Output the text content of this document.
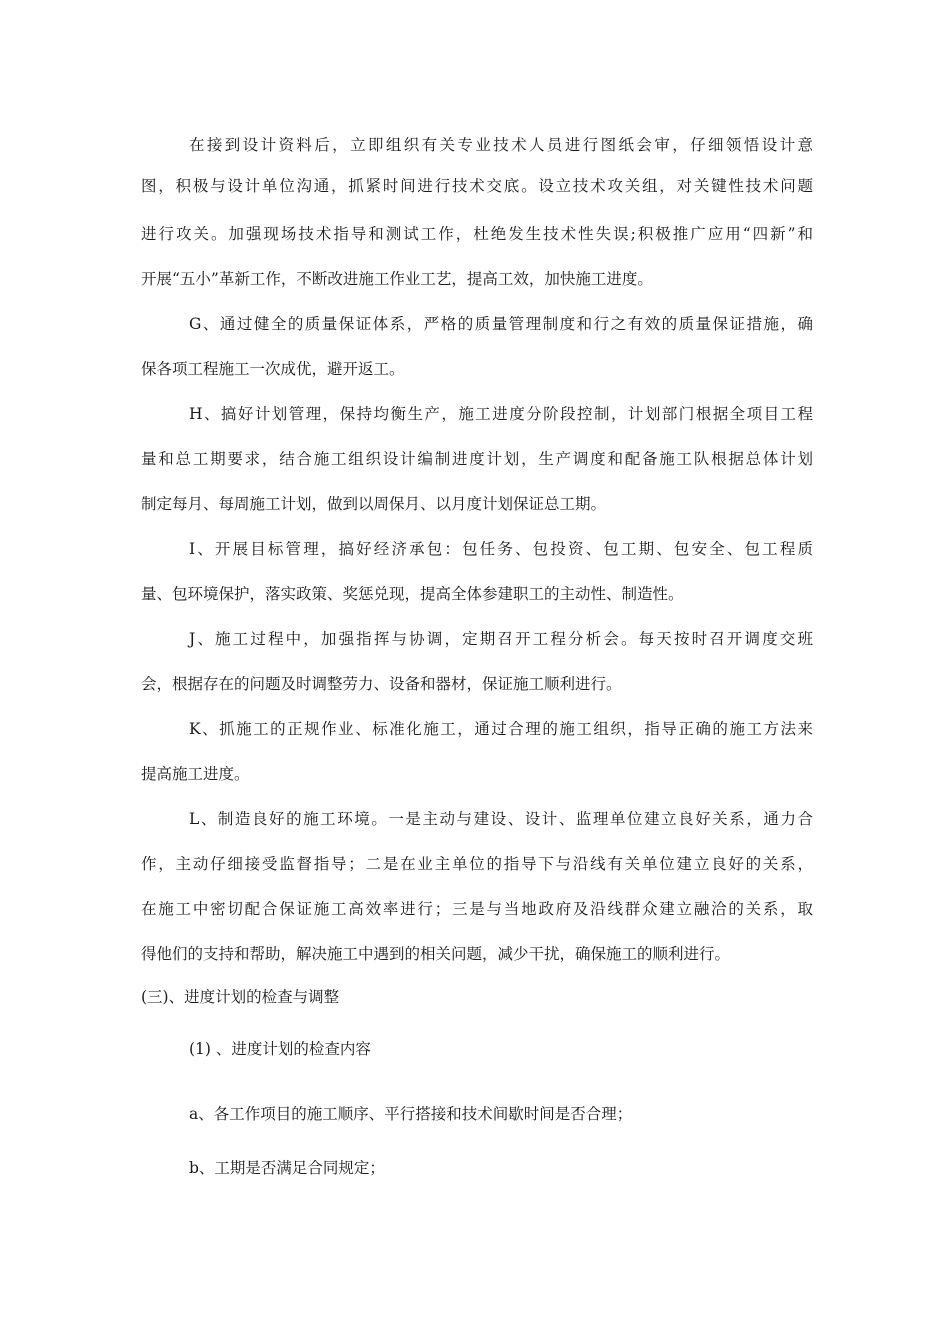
在接到设计资料后，立即组织有关专业技术人员进行图纸会审，仔细领悟设计意
图，积极与设计单位沟通，抓紧时间进行技术交底。设立技术攻关组，对关键性技术问题
进行攻关。加强现场技术指导和测试工作，杜绝发生技术性失误;积极推广应用“四新”和
开展“五小”革新工作，不断改进施工作业工艺，提高工效，加快施工进度。
G、通过健全的质量保证体系，严格的质量管理制度和行之有效的质量保证措施，确
保各项工程施工一次成优，避开返工。
H、搞好计划管理，保持均衡生产，施工进度分阶段控制，计划部门根据全项目工程
量和总工期要求，结合施工组织设计编制进度计划，生产调度和配备施工队根据总体计划
制定每月、每周施工计划，做到以周保月、以月度计划保证总工期。
I、开展目标管理，搞好经济承包：包任务、包投资、包工期、包安全、包工程质
量、包环境保护，落实政策、奖惩兑现，提高全体参建职工的主动性、制造性。
J、施工过程中，加强指挥与协调，定期召开工程分析会。每天按时召开调度交班
会，根据存在的问题及时调整劳力、设备和器材，保证施工顺利进行。
K、抓施工的正规作业、标准化施工，通过合理的施工组织，指导正确的施工方法来
提高施工进度。
L、制造良好的施工环境。一是主动与建设、设计、监理单位建立良好关系，通力合
作，主动仔细接受监督指导；二是在业主单位的指导下与沿线有关单位建立良好的关系，
在施工中密切配合保证施工高效率进行；三是与当地政府及沿线群众建立融洽的关系，取
得他们的支持和帮助，解决施工中遇到的相关问题，减少干扰，确保施工的顺利进行。
(三)、进度计划的检查与调整
(1) 、进度计划的检查内容
a、各工作项目的施工顺序、平行搭接和技术间歇时间是否合理；
b、工期是否满足合同规定；
